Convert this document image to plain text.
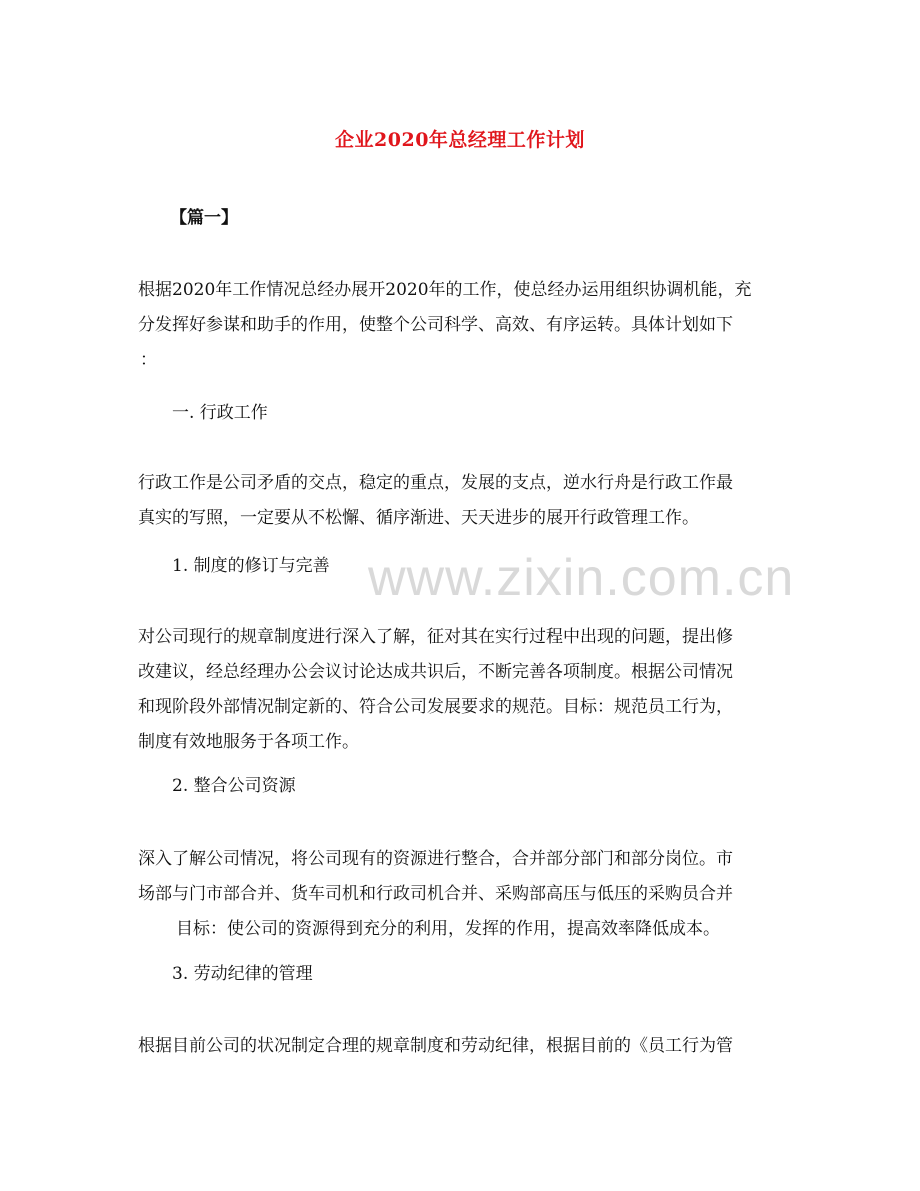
企业2020年总经理工作计划
【篇一】
根据2020年工作情况总经办展开2020年的工作，使总经办运用组织协调机能，充
分发挥好参谋和助手的作用，使整个公司科学、高效、有序运转。具体计划如下
：
一. 行政工作
行政工作是公司矛盾的交点，稳定的重点，发展的支点，逆水行舟是行政工作最
真实的写照，一定要从不松懈、循序渐进、天天进步的展开行政管理工作。
1. 制度的修订与完善 www.zixin.com.cn
对公司现行的规章制度进行深入了解，征对其在实行过程中出现的问题，提出修
改建议，经总经理办公会议讨论达成共识后，不断完善各项制度。根据公司情况
和现阶段外部情况制定新的、符合公司发展要求的规范。目标：规范员工行为，
制度有效地服务于各项工作。
2. 整合公司资源
深入了解公司情况，将公司现有的资源进行整合，合并部分部门和部分岗位。市
场部与门市部合并、货车司机和行政司机合并、采购部高压与低压的采购员合并
目标：使公司的资源得到充分的利用，发挥的作用，提高效率降低成本。
3. 劳动纪律的管理
根据目前公司的状况制定合理的规章制度和劳动纪律，根据目前的《员工行为管
